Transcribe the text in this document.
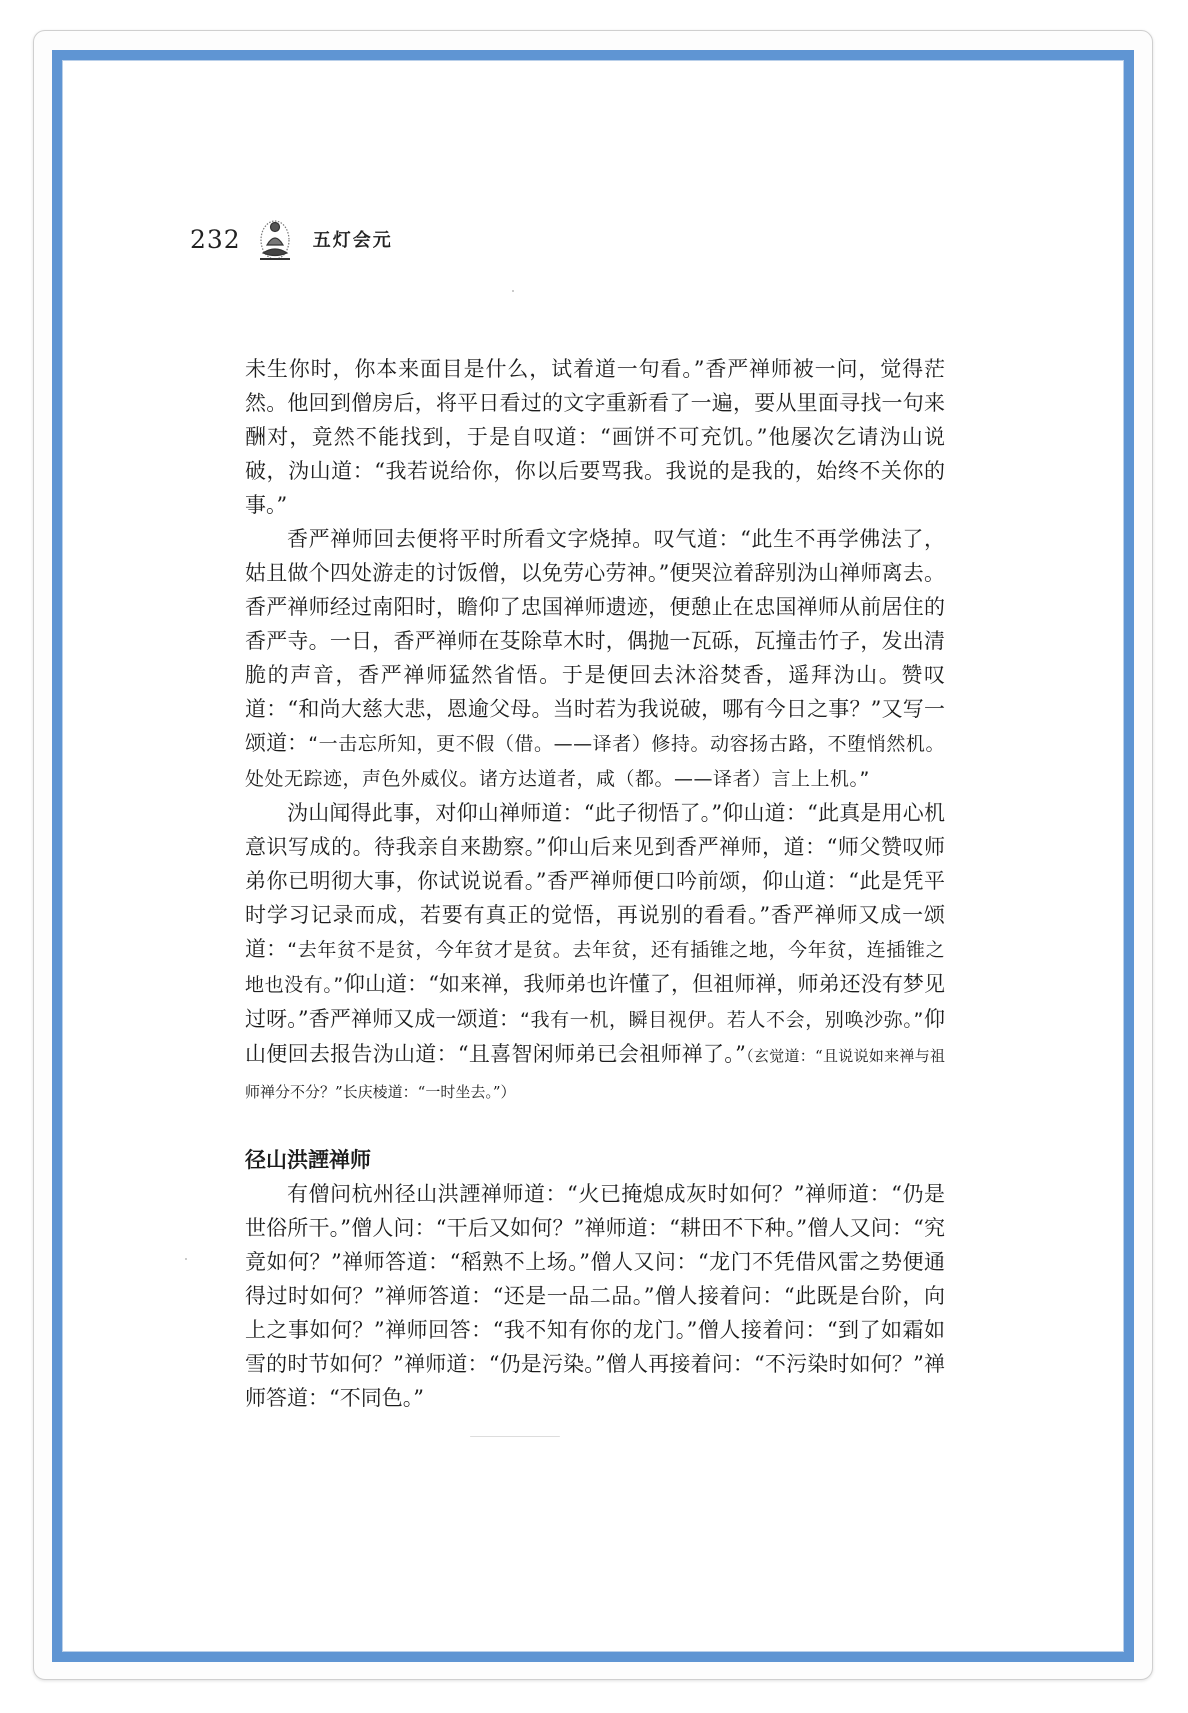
232	五灯会元

未生你时，你本来面目是什么，试着道一句看。”香严禅师被一问，觉得茫然。他回到僧房后，将平日看过的文字重新看了一遍，要从里面寻找一句来酬对，竟然不能找到，于是自叹道：“画饼不可充饥。”他屡次乞请沩山说破，沩山道：“我若说给你，你以后要骂我。我说的是我的，始终不关你的事。”

香严禅师回去便将平时所看文字烧掉。叹气道：“此生不再学佛法了，姑且做个四处游走的讨饭僧，以免劳心劳神。”便哭泣着辞别沩山禅师离去。香严禅师经过南阳时，瞻仰了忠国禅师遗迹，便憩止在忠国禅师从前居住的香严寺。一日，香严禅师在芟除草木时，偶抛一瓦砾，瓦撞击竹子，发出清脆的声音，香严禅师猛然省悟。于是便回去沐浴焚香，遥拜沩山。赞叹道：“和尚大慈大悲，恩逾父母。当时若为我说破，哪有今日之事？”又写一颂道：“一击忘所知，更不假（借。——译者）修持。动容扬古路，不堕悄然机。处处无踪迹，声色外威仪。诸方达道者，咸（都。——译者）言上上机。”

沩山闻得此事，对仰山禅师道：“此子彻悟了。”仰山道：“此真是用心机意识写成的。待我亲自来勘察。”仰山后来见到香严禅师，道：“师父赞叹师弟你已明彻大事，你试说说看。”香严禅师便口吟前颂，仰山道：“此是凭平时学习记录而成，若要有真正的觉悟，再说别的看看。”香严禅师又成一颂道：“去年贫不是贫，今年贫才是贫。去年贫，还有插锥之地，今年贫，连插锥之地也没有。”仰山道：“如来禅，我师弟也许懂了，但祖师禅，师弟还没有梦见过呀。”香严禅师又成一颂道：“我有一机，瞬目视伊。若人不会，别唤沙弥。”仰山便回去报告沩山道：“且喜智闲师弟已会祖师禅了。”（玄觉道：“且说说如来禅与祖师禅分不分？”长庆棱道：“一时坐去。”）

径山洪諲禅师

有僧问杭州径山洪諲禅师道：“火已掩熄成灰时如何？”禅师道：“仍是世俗所干。”僧人问：“干后又如何？”禅师道：“耕田不下种。”僧人又问：“究竟如何？”禅师答道：“稻熟不上场。”僧人又问：“龙门不凭借风雷之势便通得过时如何？”禅师答道：“还是一品二品。”僧人接着问：“此既是台阶，向上之事如何？”禅师回答：“我不知有你的龙门。”僧人接着问：“到了如霜如雪的时节如何？”禅师道：“仍是污染。”僧人再接着问：“不污染时如何？”禅师答道：“不同色。”
